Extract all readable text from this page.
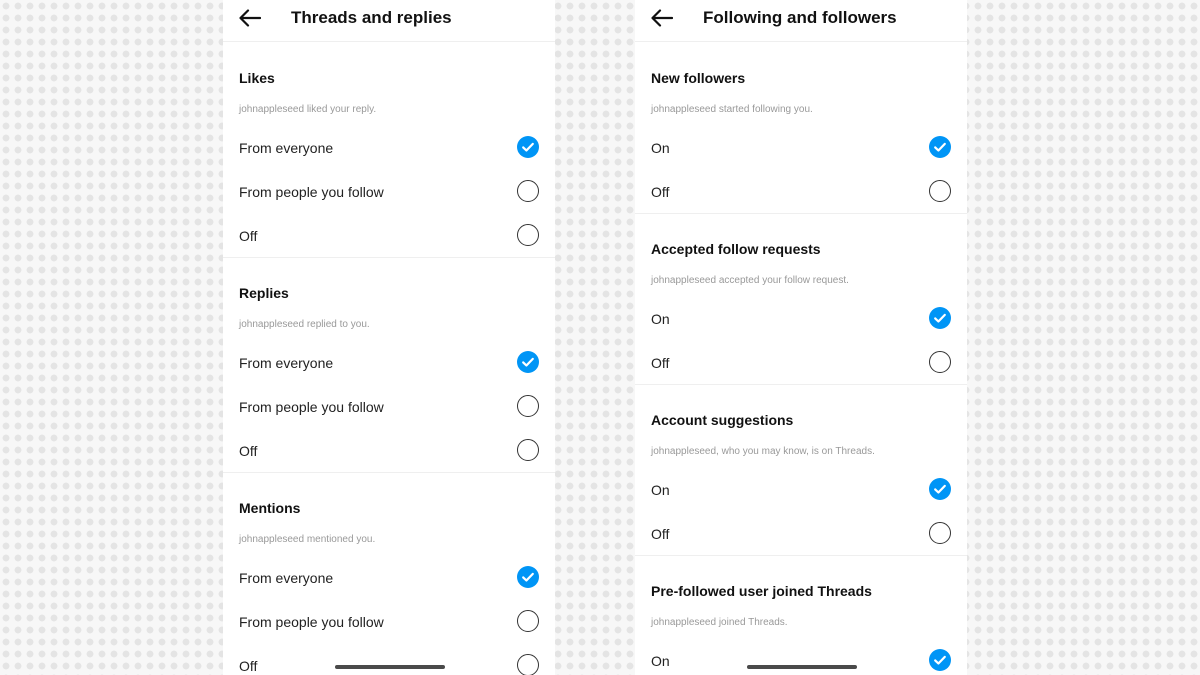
Threads and replies
Likes
johnappleseed liked your reply.
From everyone
From people you follow
Off
Replies
johnappleseed replied to you.
From everyone
From people you follow
Off
Mentions
johnappleseed mentioned you.
From everyone
From people you follow
Off
Following and followers
New followers
johnappleseed started following you.
On
Off
Accepted follow requests
johnappleseed accepted your follow request.
On
Off
Account suggestions
johnappleseed, who you may know, is on Threads.
On
Off
Pre-followed user joined Threads
johnappleseed joined Threads.
On
